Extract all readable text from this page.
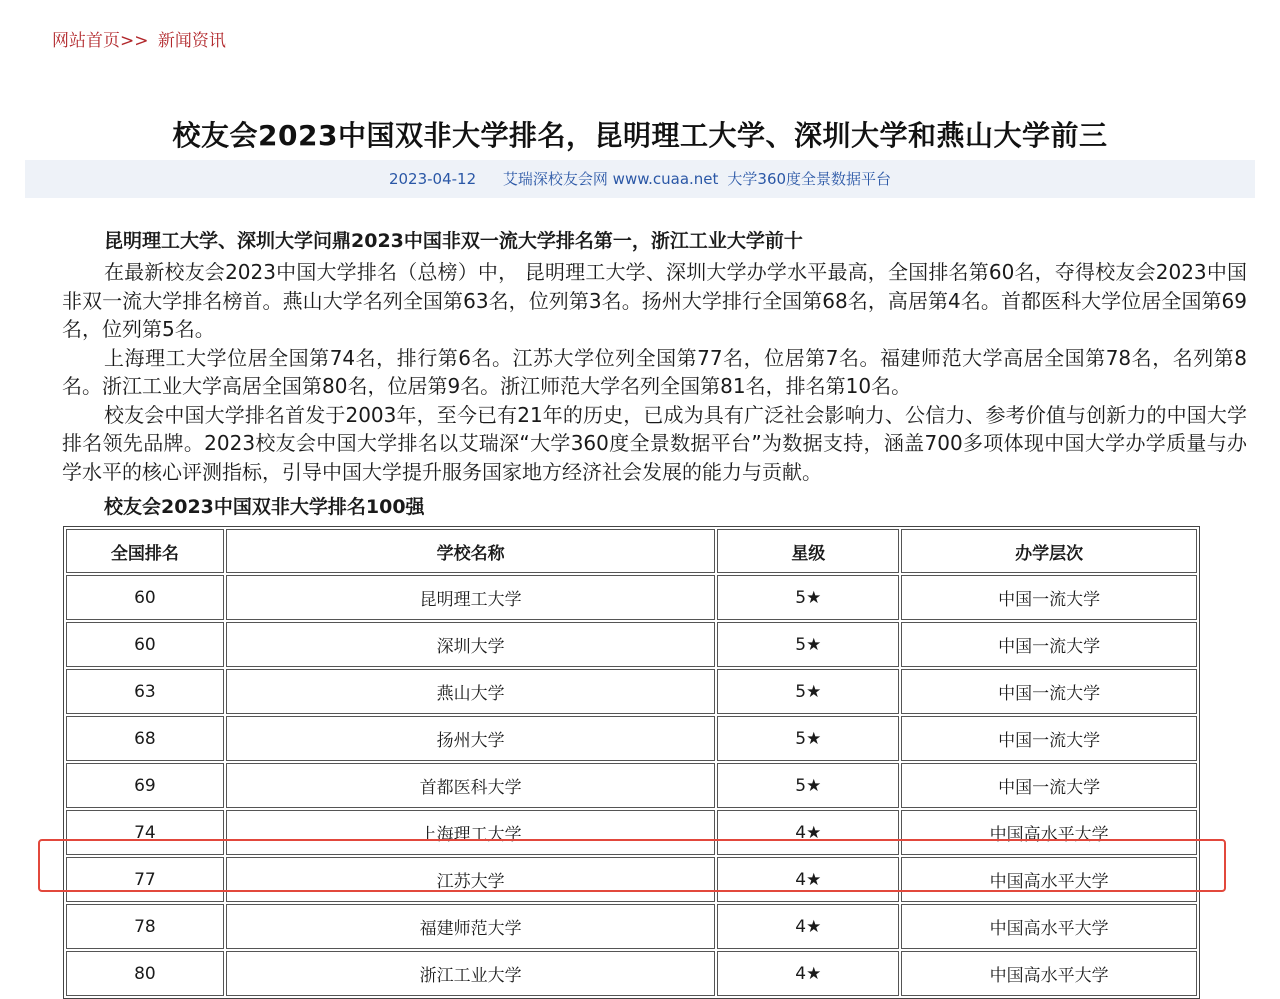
网站首页>> 新闻资讯
校友会2023中国双非大学排名，昆明理工大学、深圳大学和燕山大学前三
2023-04-12 艾瑞深校友会网 www.cuaa.net 大学360度全景数据平台
昆明理工大学、深圳大学问鼎2023中国非双一流大学排名第一，浙江工业大学前十

在最新校友会2023中国大学排名（总榜）中， 昆明理工大学、深圳大学办学水平最高，全国排名第60名，夺得校友会2023中国非双一流大学排名榜首。燕山大学名列全国第63名，位列第3名。扬州大学排行全国第68名，高居第4名。首都医科大学位居全国第69名，位列第5名。

上海理工大学位居全国第74名，排行第6名。江苏大学位列全国第77名，位居第7名。福建师范大学高居全国第78名，名列第8名。浙江工业大学高居全国第80名，位居第9名。浙江师范大学名列全国第81名，排名第10名。

校友会中国大学排名首发于2003年，至今已有21年的历史，已成为具有广泛社会影响力、公信力、参考价值与创新力的中国大学排名领先品牌。2023校友会中国大学排名以艾瑞深“大学360度全景数据平台”为数据支持，涵盖700多项体现中国大学办学质量与办学水平的核心评测指标，引导中国大学提升服务国家地方经济社会发展的能力与贡献。

校友会2023中国双非大学排名100强
全国排名	学校名称	星级	办学层次
60	昆明理工大学	5★	中国一流大学
60	深圳大学	5★	中国一流大学
63	燕山大学	5★	中国一流大学
68	扬州大学	5★	中国一流大学
69	首都医科大学	5★	中国一流大学
74	上海理工大学	4★	中国高水平大学
77	江苏大学	4★	中国高水平大学
78	福建师范大学	4★	中国高水平大学
80	浙江工业大学	4★	中国高水平大学
